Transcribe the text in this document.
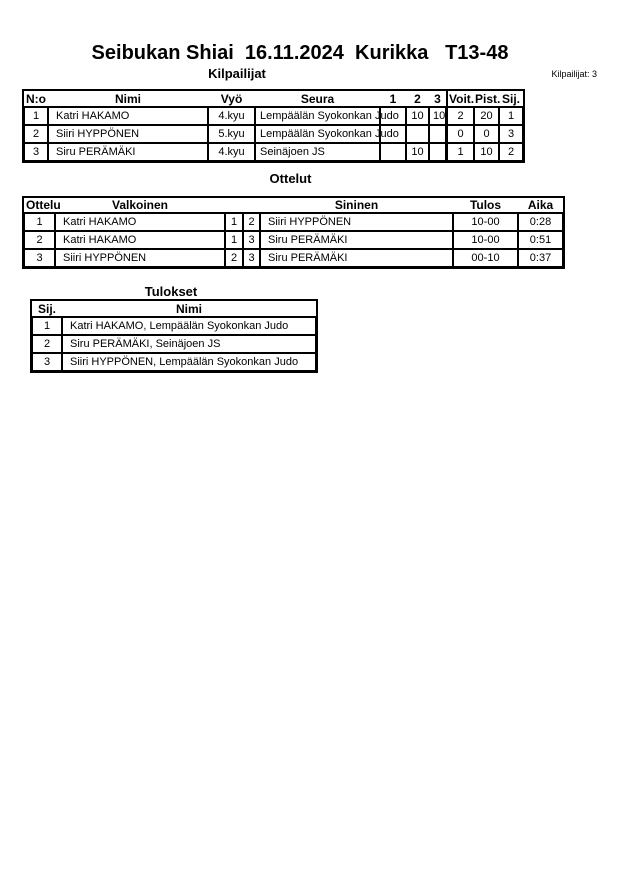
Seibukan Shiai  16.11.2024  Kurikka   T13-48
Kilpailijat	Kilpailijat: 3
N:o	Nimi	Vyö	Seura	1	2	3	Voit.	Pist.	Sij.
1	Katri HAKAMO	4.kyu	Lempäälän Syokonkan Judo		10	10	2	20	1
2	Siiri HYPPÖNEN	5.kyu	Lempäälän Syokonkan Judo				0	0	3
3	Siru PERÄMÄKI	4.kyu	Seinäjoen JS		10		1	10	2
Ottelut
Ottelu	Valkoinen			Sininen	Tulos	Aika
1	Katri HAKAMO	1	2	Siiri HYPPÖNEN	10-00	0:28
2	Katri HAKAMO	1	3	Siru PERÄMÄKI	10-00	0:51
3	Siiri HYPPÖNEN	2	3	Siru PERÄMÄKI	00-10	0:37
Tulokset
Sij.	Nimi
1	Katri HAKAMO, Lempäälän Syokonkan Judo
2	Siru PERÄMÄKI, Seinäjoen JS
3	Siiri HYPPÖNEN, Lempäälän Syokonkan Judo
